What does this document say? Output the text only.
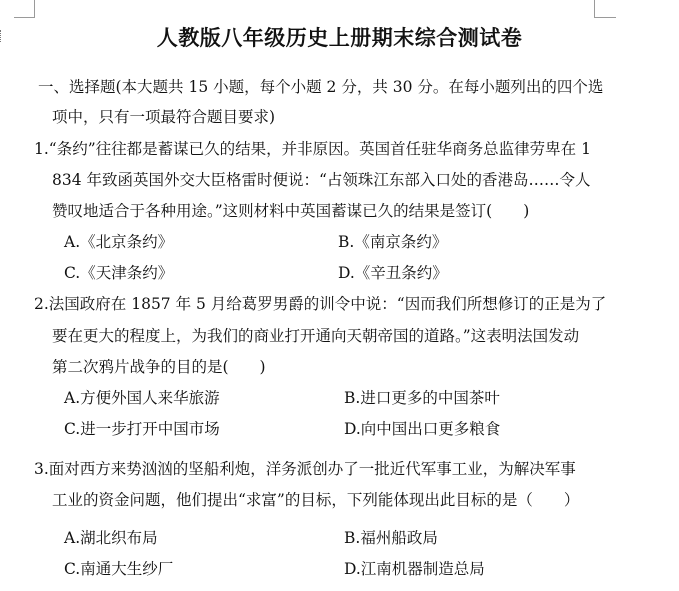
人教版八年级历史上册期末综合测试卷
一、选择题(本大题共 15 小题，每个小题 2 分，共 30 分。在每小题列出的四个选
项中，只有一项最符合题目要求)
1.“条约”往往都是蓄谋已久的结果，并非原因。英国首任驻华商务总监律劳卑在 1
834 年致函英国外交大臣格雷时便说：“占领珠江东部入口处的香港岛……令人
赞叹地适合于各种用途。”这则材料中英国蓄谋已久的结果是签订(　　)
A.《北京条约》	B.《南京条约》
C.《天津条约》	D.《辛丑条约》
2.法国政府在 1857 年 5 月给葛罗男爵的训令中说：“因而我们所想修订的正是为了
要在更大的程度上，为我们的商业打开通向天朝帝国的道路。”这表明法国发动
第二次鸦片战争的目的是(　　)
A.方便外国人来华旅游	B.进口更多的中国茶叶
C.进一步打开中国市场	D.向中国出口更多粮食
3.面对西方来势汹汹的坚船利炮，洋务派创办了一批近代军事工业，为解决军事
工业的资金问题，他们提出“求富”的目标，下列能体现出此目标的是（　　）
A.湖北织布局	B.福州船政局
C.南通大生纱厂	D.江南机器制造总局
